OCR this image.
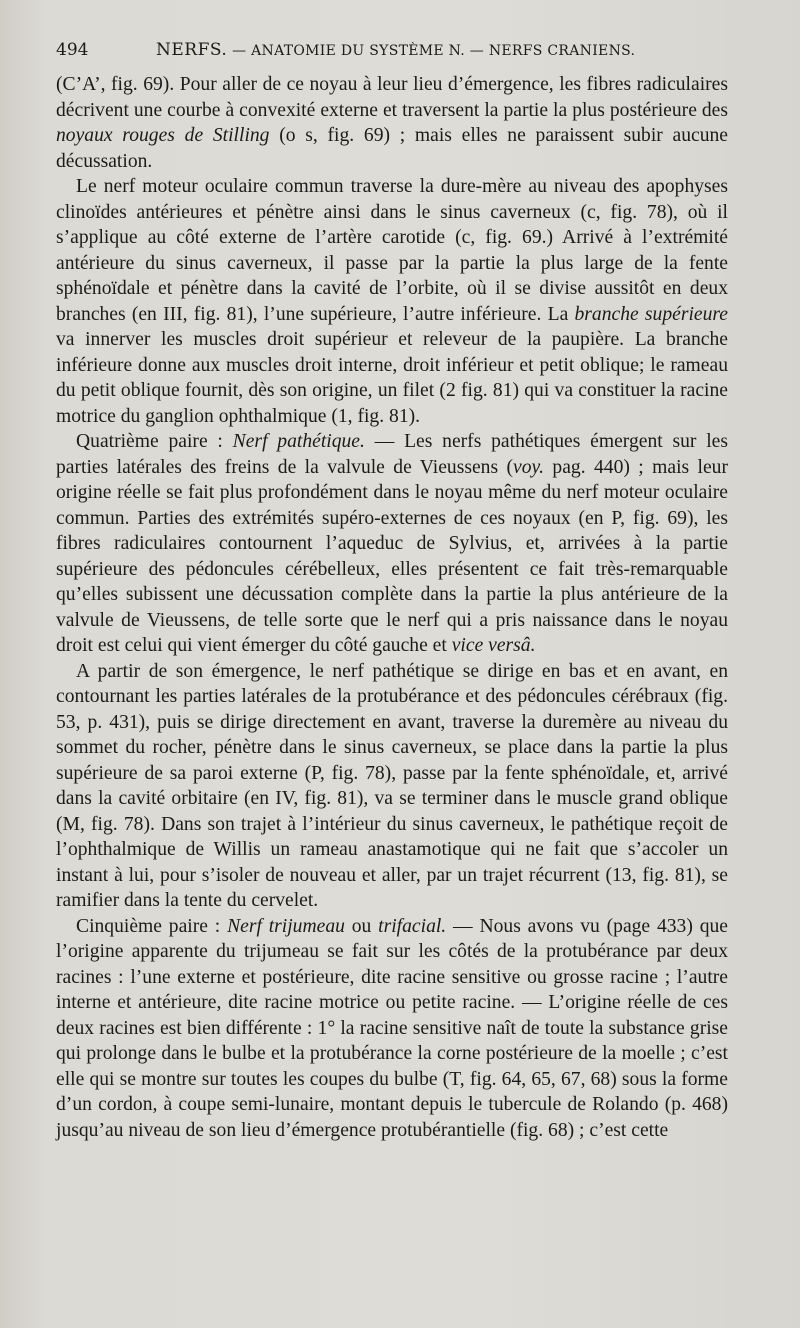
494	NERFS. — ANATOMIE DU SYSTÈME N. — NERFS CRANIENS.

(C’A’, fig. 69). Pour aller de ce noyau à leur lieu d’émergence, les fibres radiculaires décrivent une courbe à convexité externe et traversent la partie la plus postérieure des noyaux rouges de Stilling (o s, fig. 69) ; mais elles ne paraissent subir aucune décussation.

Le nerf moteur oculaire commun traverse la dure-mère au niveau des apophyses clinoïdes antérieures et pénètre ainsi dans le sinus caverneux (c, fig. 78), où il s’applique au côté externe de l’artère carotide (c, fig. 69.) Arrivé à l’extrémité antérieure du sinus caverneux, il passe par la partie la plus large de la fente sphénoïdale et pénètre dans la cavité de l’orbite, où il se divise aussitôt en deux branches (en III, fig. 81), l’une supérieure, l’autre inférieure. La branche supérieure va innerver les muscles droit supérieur et releveur de la paupière. La branche inférieure donne aux muscles droit interne, droit inférieur et petit oblique; le rameau du petit oblique fournit, dès son origine, un filet (2 fig. 81) qui va constituer la racine motrice du ganglion ophthalmique (1, fig. 81).

Quatrième paire : Nerf pathétique. — Les nerfs pathétiques émergent sur les parties latérales des freins de la valvule de Vieussens (voy. pag. 440) ; mais leur origine réelle se fait plus profondément dans le noyau même du nerf moteur oculaire commun. Parties des extrémités supéro-externes de ces noyaux (en P, fig. 69), les fibres radiculaires contournent l’aqueduc de Sylvius, et, arrivées à la partie supérieure des pédoncules cérébelleux, elles présentent ce fait très-remarquable qu’elles subissent une décussation complète dans la partie la plus antérieure de la valvule de Vieussens, de telle sorte que le nerf qui a pris naissance dans le noyau droit est celui qui vient émerger du côté gauche et vice versâ.

A partir de son émergence, le nerf pathétique se dirige en bas et en avant, en contournant les parties latérales de la protubérance et des pédoncules cérébraux (fig. 53, p. 431), puis se dirige directement en avant, traverse la duremère au niveau du sommet du rocher, pénètre dans le sinus caverneux, se place dans la partie la plus supérieure de sa paroi externe (P, fig. 78), passe par la fente sphénoïdale, et, arrivé dans la cavité orbitaire (en IV, fig. 81), va se terminer dans le muscle grand oblique (M, fig. 78). Dans son trajet à l’intérieur du sinus caverneux, le pathétique reçoit de l’ophthalmique de Willis un rameau anastamotique qui ne fait que s’accoler un instant à lui, pour s’isoler de nouveau et aller, par un trajet récurrent (13, fig. 81), se ramifier dans la tente du cervelet.

Cinquième paire : Nerf trijumeau ou trifacial. — Nous avons vu (page 433) que l’origine apparente du trijumeau se fait sur les côtés de la protubérance par deux racines : l’une externe et postérieure, dite racine sensitive ou grosse racine ; l’autre interne et antérieure, dite racine motrice ou petite racine. — L’origine réelle de ces deux racines est bien différente : 1° la racine sensitive naît de toute la substance grise qui prolonge dans le bulbe et la protubérance la corne postérieure de la moelle ; c’est elle qui se montre sur toutes les coupes du bulbe (T, fig. 64, 65, 67, 68) sous la forme d’un cordon, à coupe semi-lunaire, montant depuis le tubercule de Rolando (p. 468) jusqu’au niveau de son lieu d’émergence protubérantielle (fig. 68) ; c’est cette
